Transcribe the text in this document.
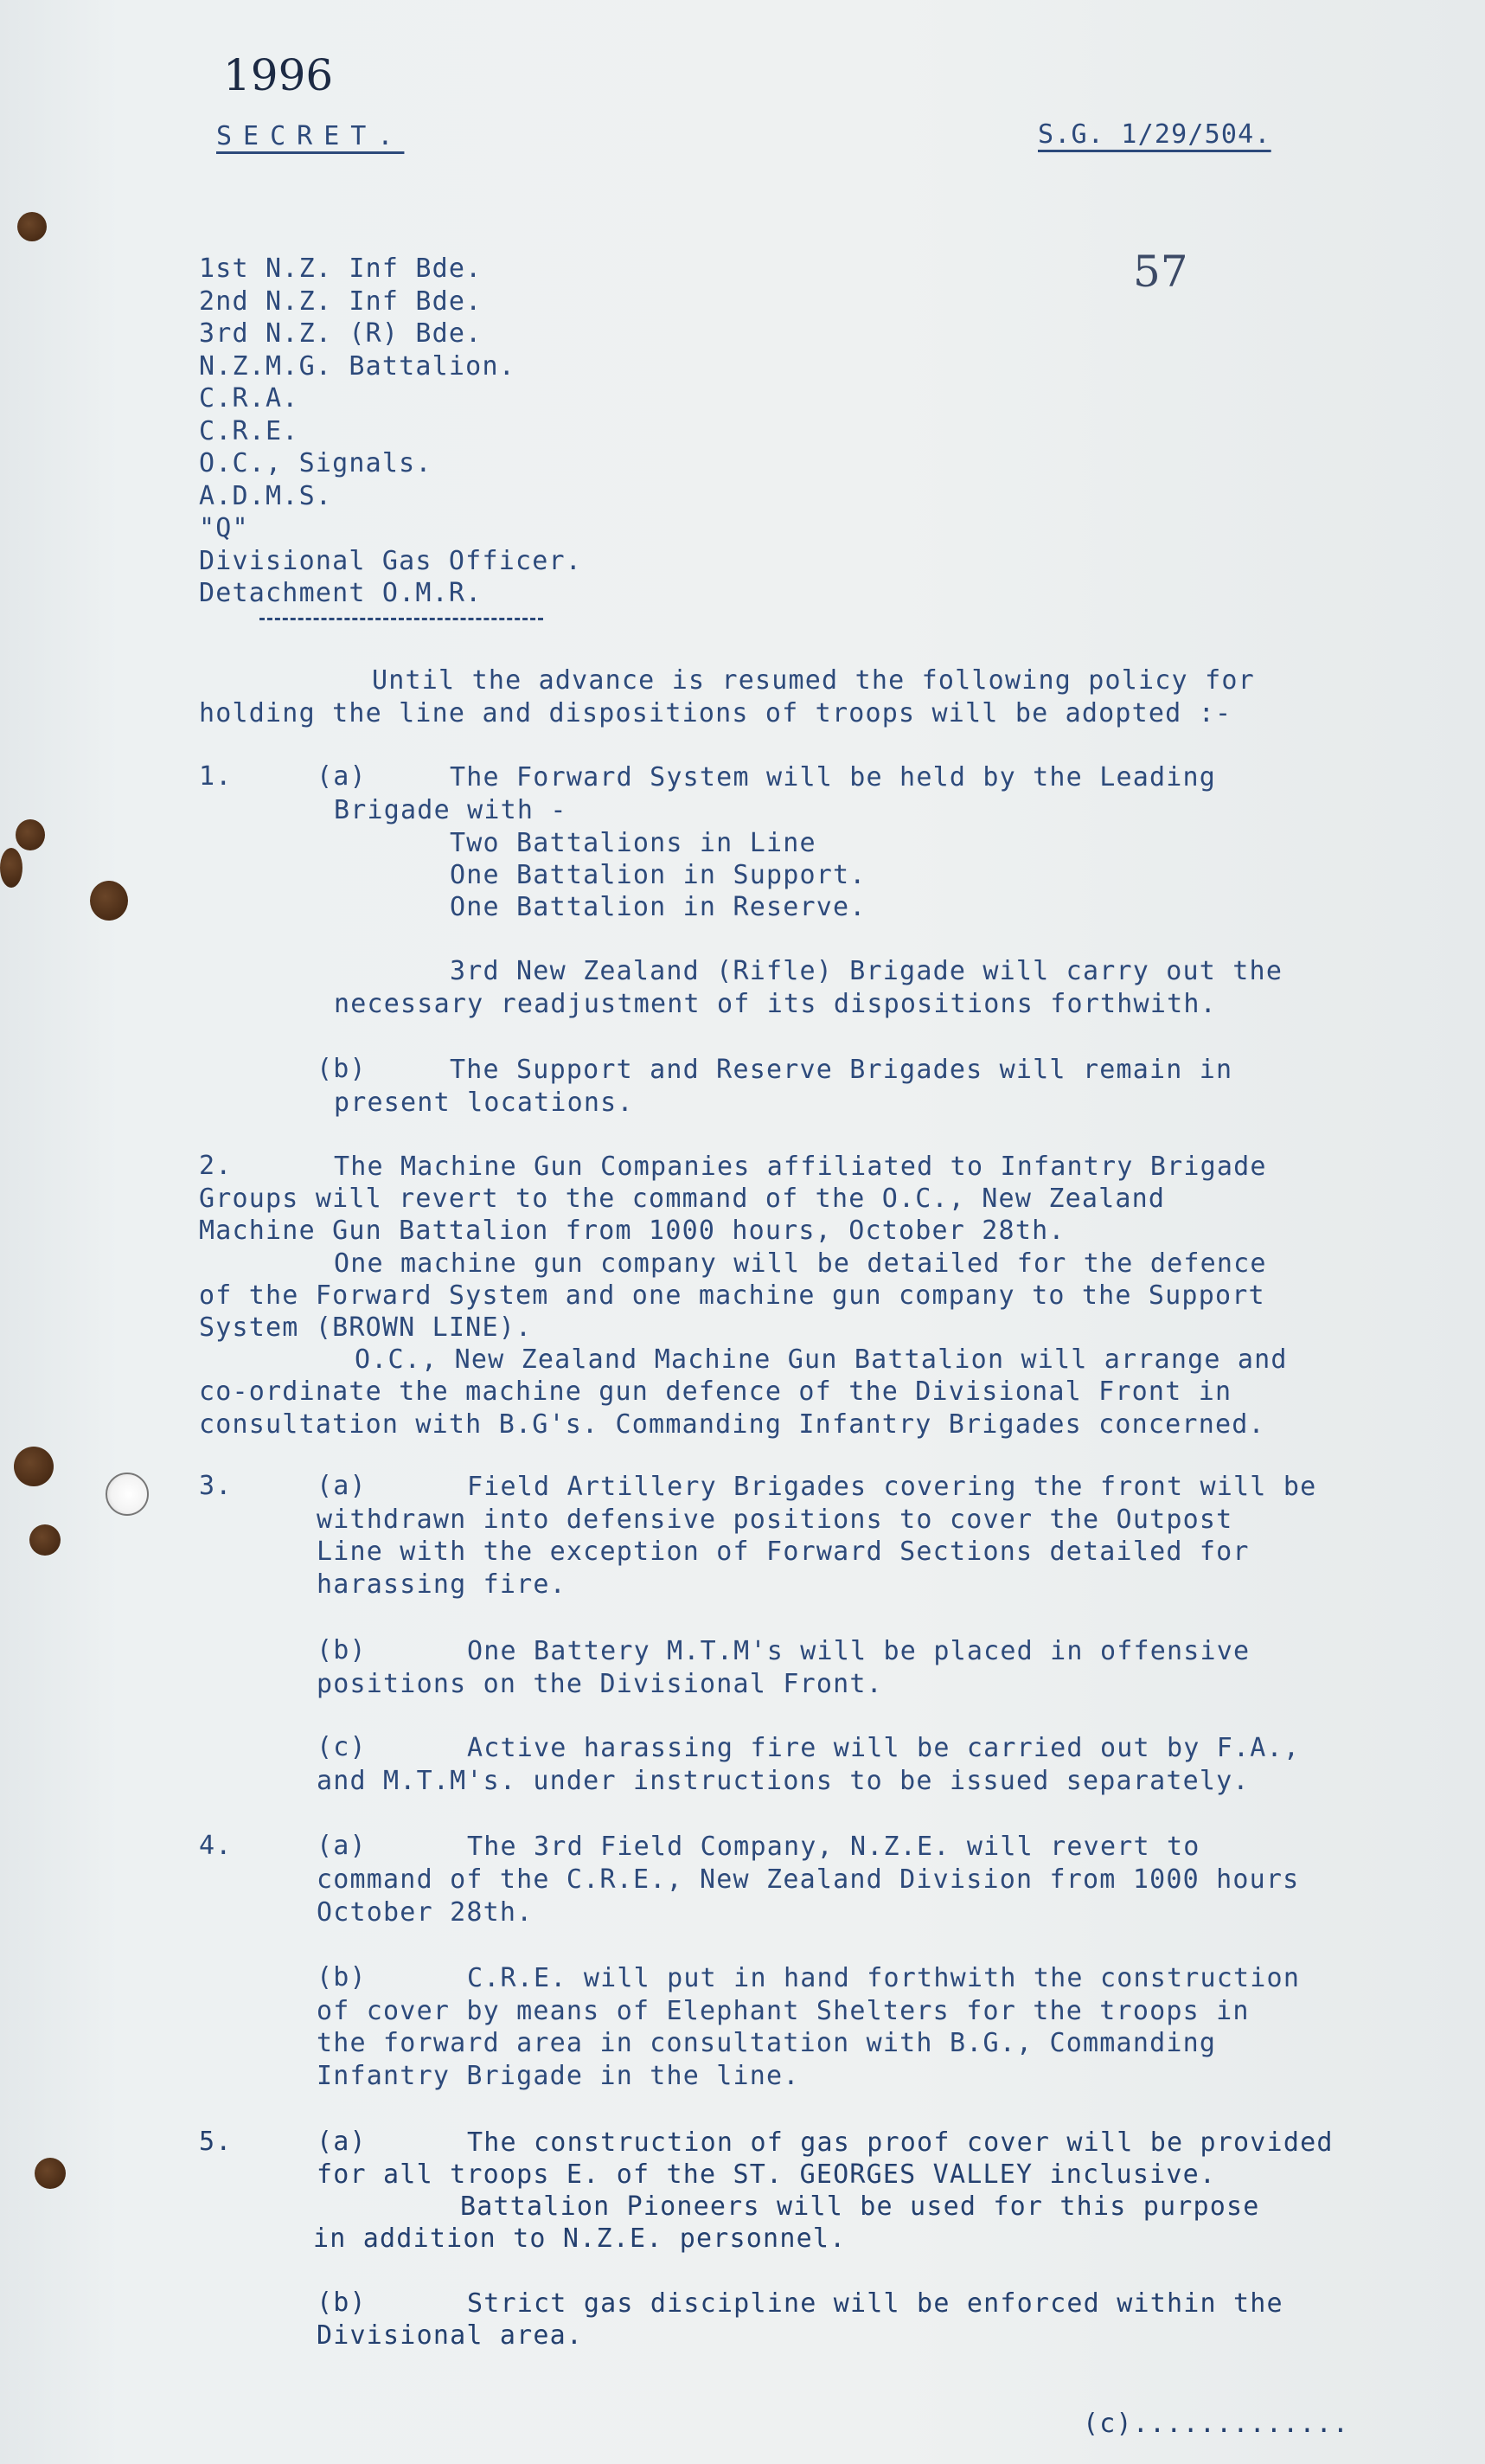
1996
SECRET.	S.G. 1/29/504.
57
1st N.Z. Inf Bde.
2nd N.Z. Inf Bde.
3rd N.Z. (R) Bde.
N.Z.M.G. Battalion.
C.R.A.
C.R.E.
O.C., Signals.
A.D.M.S.
"Q"
Divisional Gas Officer.
Detachment O.M.R.
Until the advance is resumed the following policy for
holding the line and dispositions of troops will be adopted :-
1.	(a)	The Forward System will be held by the Leading
Brigade with -
Two Battalions in Line
One Battalion in Support.
One Battalion in Reserve.
3rd New Zealand (Rifle) Brigade will carry out the
necessary readjustment of its dispositions forthwith.
(b)	The Support and Reserve Brigades will remain in
present locations.
2.	The Machine Gun Companies affiliated to Infantry Brigade
Groups will revert to the command of the O.C., New Zealand
Machine Gun Battalion from 1000 hours, October 28th.
One machine gun company will be detailed for the defence
of the Forward System and one machine gun company to the Support
System (BROWN LINE).
O.C., New Zealand Machine Gun Battalion will arrange and
co-ordinate the machine gun defence of the Divisional Front in
consultation with B.G's. Commanding Infantry Brigades concerned.
3.	(a)	Field Artillery Brigades covering the front will be
withdrawn into defensive positions to cover the Outpost
Line with the exception of Forward Sections detailed for
harassing fire.
(b)	One Battery M.T.M's will be placed in offensive
positions on the Divisional Front.
(c)	Active harassing fire will be carried out by F.A.,
and M.T.M's. under instructions to be issued separately.
4.	(a)	The 3rd Field Company, N.Z.E. will revert to
command of the C.R.E., New Zealand Division from 1000 hours
October 28th.
(b)	C.R.E. will put in hand forthwith the construction
of cover by means of Elephant Shelters for the troops in
the forward area in consultation with B.G., Commanding
Infantry Brigade in the line.
5.	(a)	The construction of gas proof cover will be provided
for all troops E. of the ST. GEORGES VALLEY inclusive.
Battalion Pioneers will be used for this purpose
in addition to N.Z.E. personnel.
(b)	Strict gas discipline will be enforced within the
Divisional area.
(c).............
